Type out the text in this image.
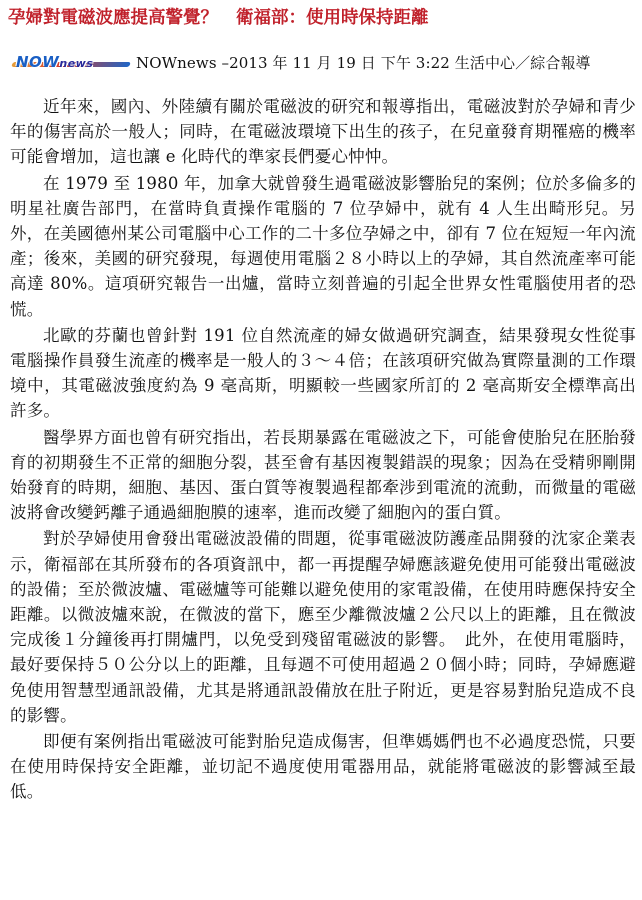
孕婦對電磁波應提高警覺？ 衛福部：使用時保持距離
NOWnews	NOWnews –2013 年 11 月 19 日 下午 3:22 生活中心／綜合報導

近年來，國內、外陸續有關於電磁波的研究和報導指出，電磁波對於孕婦和青少年的傷害高於一般人；同時，在電磁波環境下出生的孩子，在兒童發育期罹癌的機率可能會增加，這也讓 e 化時代的準家長們憂心忡忡。

在 1979 至 1980 年，加拿大就曾發生過電磁波影響胎兒的案例；位於多倫多的明星社廣告部門，在當時負責操作電腦的 7 位孕婦中，就有 4 人生出畸形兒。另外，在美國德州某公司電腦中心工作的二十多位孕婦之中，卻有 7 位在短短一年內流產；後來，美國的研究發現，每週使用電腦２８小時以上的孕婦，其自然流產率可能高達 80%。這項研究報告一出爐，當時立刻普遍的引起全世界女性電腦使用者的恐慌。

北歐的芬蘭也曾針對 191 位自然流產的婦女做過研究調查，結果發現女性從事電腦操作員發生流產的機率是一般人的３～４倍；在該項研究做為實際量測的工作環境中，其電磁波強度約為 9 毫高斯，明顯較一些國家所訂的 2 毫高斯安全標準高出許多。

醫學界方面也曾有研究指出，若長期暴露在電磁波之下，可能會使胎兒在胚胎發育的初期發生不正常的細胞分裂，甚至會有基因複製錯誤的現象；因為在受精卵剛開始發育的時期，細胞、基因、蛋白質等複製過程都牽涉到電流的流動，而微量的電磁波將會改變鈣離子通過細胞膜的速率，進而改變了細胞內的蛋白質。

對於孕婦使用會發出電磁波設備的問題，從事電磁波防護產品開發的沈家企業表示，衛福部在其所發布的各項資訊中，都一再提醒孕婦應該避免使用可能發出電磁波的設備；至於微波爐、電磁爐等可能難以避免使用的家電設備，在使用時應保持安全距離。以微波爐來說，在微波的當下，應至少離微波爐２公尺以上的距離，且在微波完成後１分鐘後再打開爐門，以免受到殘留電磁波的影響。　此外，在使用電腦時，最好要保持５０公分以上的距離，且每週不可使用超過２０個小時；同時，孕婦應避免使用智慧型通訊設備，尤其是將通訊設備放在肚子附近，更是容易對胎兒造成不良的影響。

即便有案例指出電磁波可能對胎兒造成傷害，但準媽媽們也不必過度恐慌，只要在使用時保持安全距離，並切記不過度使用電器用品，就能將電磁波的影響減至最低。
